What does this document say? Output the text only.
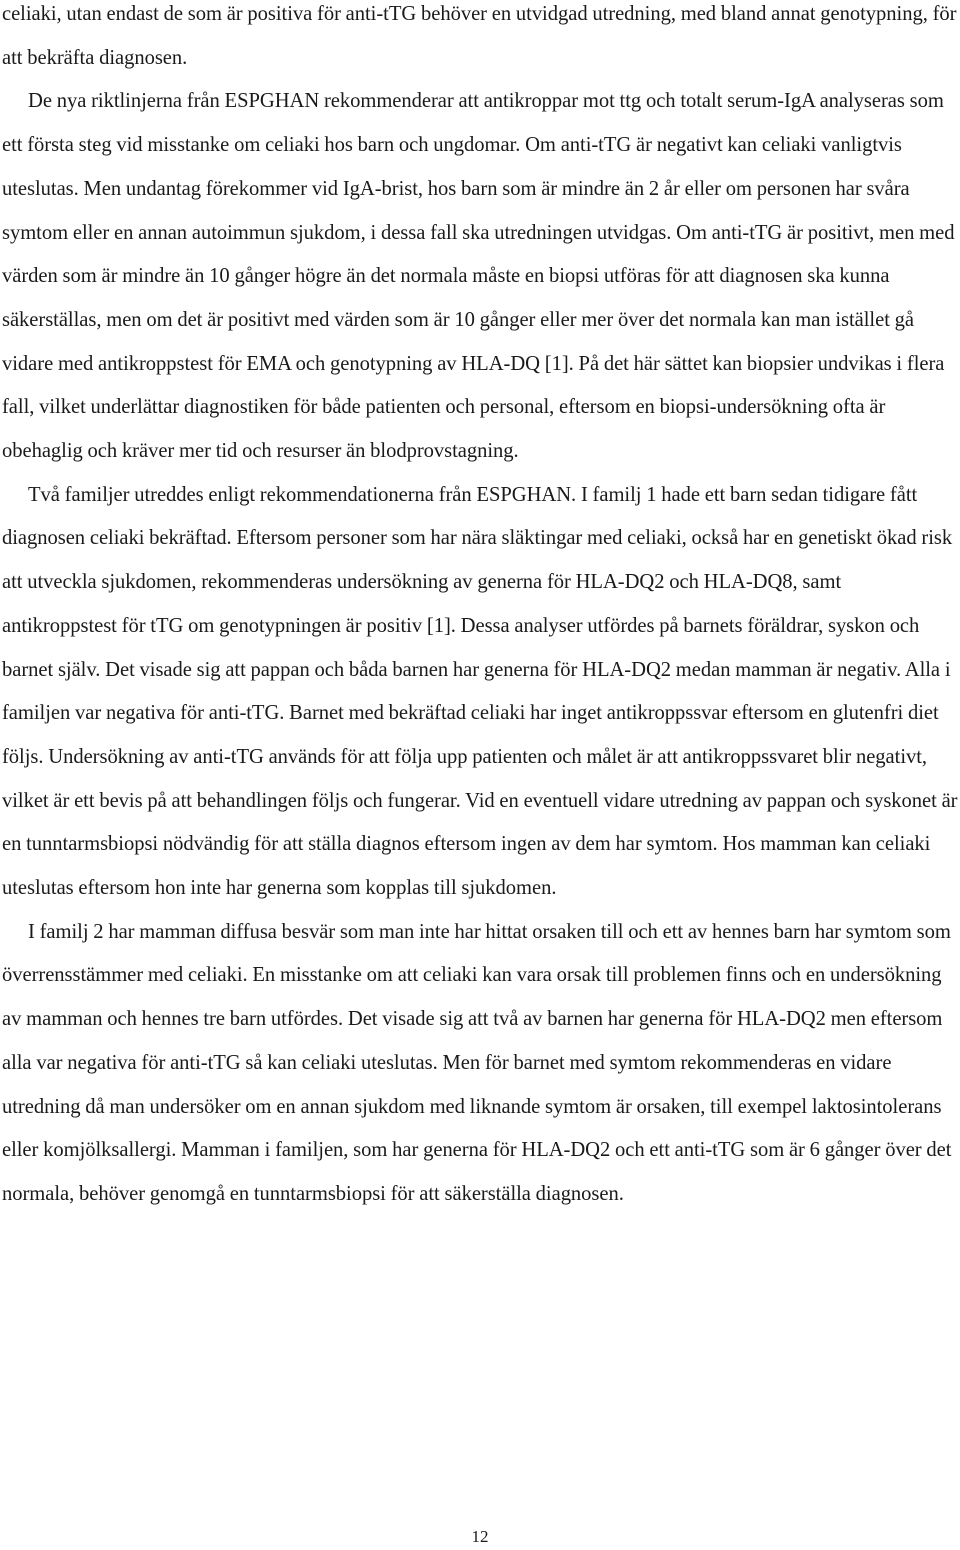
celiaki, utan endast de som är positiva för anti-tTG behöver en utvidgad utredning, med bland annat genotypning, för att bekräfta diagnosen.

De nya riktlinjerna från ESPGHAN rekommenderar att antikroppar mot ttg och totalt serum-IgA analyseras som ett första steg vid misstanke om celiaki hos barn och ungdomar. Om anti-tTG är negativt kan celiaki vanligtvis uteslutas. Men undantag förekommer vid IgA-brist, hos barn som är mindre än 2 år eller om personen har svåra symtom eller en annan autoimmun sjukdom, i dessa fall ska utredningen utvidgas. Om anti-tTG är positivt, men med värden som är mindre än 10 gånger högre än det normala måste en biopsi utföras för att diagnosen ska kunna säkerställas, men om det är positivt med värden som är 10 gånger eller mer över det normala kan man istället gå vidare med antikroppstest för EMA och genotypning av HLA-DQ [1]. På det här sättet kan biopsier undvikas i flera fall, vilket underlättar diagnostiken för både patienten och personal, eftersom en biopsi-undersökning ofta är obehaglig och kräver mer tid och resurser än blodprovstagning.

Två familjer utreddes enligt rekommendationerna från ESPGHAN. I familj 1 hade ett barn sedan tidigare fått diagnosen celiaki bekräftad. Eftersom personer som har nära släktingar med celiaki, också har en genetiskt ökad risk att utveckla sjukdomen, rekommenderas undersökning av generna för HLA-DQ2 och HLA-DQ8, samt antikroppstest för tTG om genotypningen är positiv [1]. Dessa analyser utfördes på barnets föräldrar, syskon och barnet själv. Det visade sig att pappan och båda barnen har generna för HLA-DQ2 medan mamman är negativ. Alla i familjen var negativa för anti-tTG. Barnet med bekräftad celiaki har inget antikroppssvar eftersom en glutenfri diet följs. Undersökning av anti-tTG används för att följa upp patienten och målet är att antikroppssvaret blir negativt, vilket är ett bevis på att behandlingen följs och fungerar. Vid en eventuell vidare utredning av pappan och syskonet är en tunntarmsbiopsi nödvändig för att ställa diagnos eftersom ingen av dem har symtom. Hos mamman kan celiaki uteslutas eftersom hon inte har generna som kopplas till sjukdomen.

I familj 2 har mamman diffusa besvär som man inte har hittat orsaken till och ett av hennes barn har symtom som överrensstämmer med celiaki. En misstanke om att celiaki kan vara orsak till problemen finns och en undersökning av mamman och hennes tre barn utfördes. Det visade sig att två av barnen har generna för HLA-DQ2 men eftersom alla var negativa för anti-tTG så kan celiaki uteslutas. Men för barnet med symtom rekommenderas en vidare utredning då man undersöker om en annan sjukdom med liknande symtom är orsaken, till exempel laktosintolerans eller komjölksallergi. Mamman i familjen, som har generna för HLA-DQ2 och ett anti-tTG som är 6 gånger över det normala, behöver genomgå en tunntarmsbiopsi för att säkerställa diagnosen.

12
